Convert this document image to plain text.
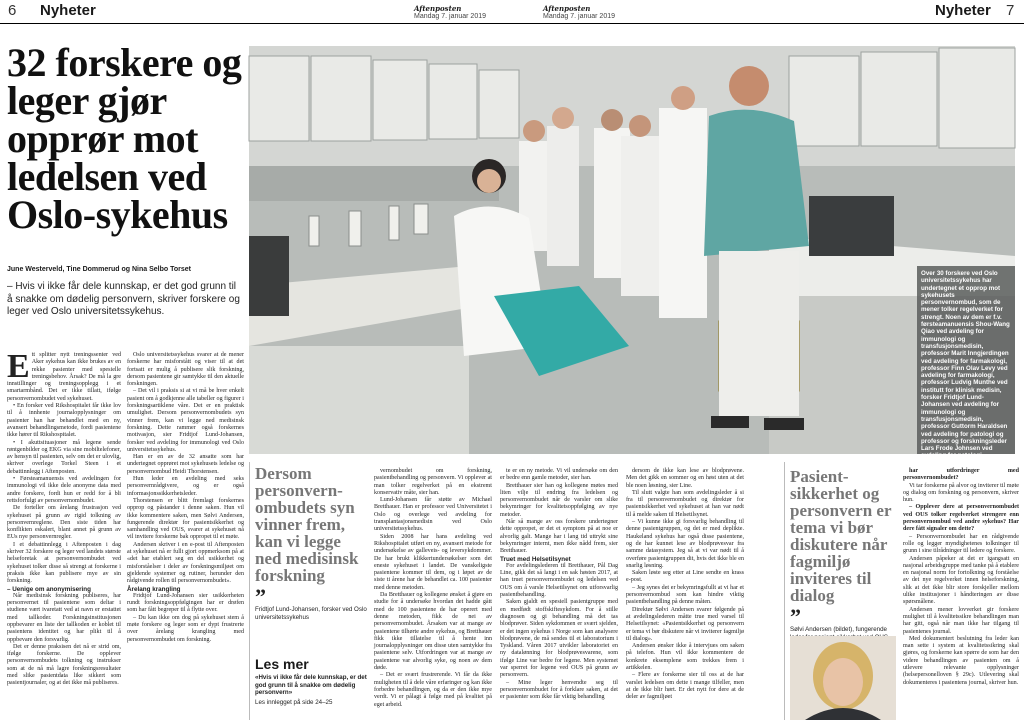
6 Nyheter	Aftenposten
Mandag 7. januar 2019
Aftenposten
Mandag 7. januar 2019	Nyheter 7
32 forskere og leger gjør opprør mot ledelsen ved Oslo-sykehus
June Westerveld, Tine Dommerud og Nina Selbo Torset
– Hvis vi ikke får dele kunnskap, er det god grunn til å snakke om dødelig personvern, skriver forskere og leger ved Oslo universitetssykehus.
Over 30 forskere ved Oslo universitetssykehus har undertegnet et opprop mot sykehusets personvernombud, som de mener tolker regelverket for strengt. Noen av dem er f.v. førsteamanuensis Shou-Wang Qiao ved avdeling for immunologi og transfusjonsmedisin, professor Marit Inngjerdingen ved avdeling for farmakologi, professor Finn Olav Levy ved avdeling for farmakologi, professor Ludvig Munthe ved institutt for klinisk medisin, forsker Fridtjof Lund-Johansen ved avdeling for immunologi og transfusjonsmedisin, professor Guttorm Haraldsen ved avdeling for patologi og professor og forskningsleder Lars Frode Johnsen ved avdeling for patologi.
FOTO: TOR STENERSEN

Ett splitter nytt treningssenter ved Aker sykehus kan ikke brukes av en rekke pasienter med spesielle treningsbehov. Årsak? De må la gre innstillinger og treningsopplegg i et smartarmbånd. Det er ikke tillatt, ifølge personvernombudet ved sykehuset.

• En forsker ved Rikshospitalet får ikke lov til å innhente journalopplysninger om pasienter han har behandlet med en ny, avansert behandlingsmetode, fordi pasientene ikke hører til Rikshospitalet.

• I akuttsituasjoner må legene sende røntgenbilder og EKG via sine mobiltelefoner, av hensyn til pasienten, selv om det er ulovlig, skriver overlege Torkel Steen i et debattinnlegg i Aftenposten.

• Førsteamanuensis ved avdelingen for immunologi vil ikke dele anonyme data med andre forskere, fordi hun er redd for å bli rettsforfulgt av personvernombudet.

De forteller om årelang frustrasjon ved sykehuset på grunn av rigid tolkning av personvernreglene. Den siste tiden har konflikten eskalert, blant annet på grunn av EUs nye personvernregler.

I et debattinnlegg i Aftenposten i dag skriver 32 forskere og leger ved landets største helseforetak at personvernombudet ved sykehuset tolker disse så strengt at forskerne i praksis ikke kan publisere mye av sin forskning.

– Uenige om anonymisering

Når medisinsk forskning publiseres, har personvernet til pasientene som deltar i studiene vært ivaretatt ved at navn er erstattet med tallkoder. Forskningsinstitusjonen oppbevarer en liste der tallkoden er koblet til pasientens identitet og har plikt til å oppbevare den forsvarlig.

Det er denne praksisen det nå er strid om, ifølge forskerne. De opplever personvernombudets tolkning og instrukser som at de nå må lagre forskningsresultater med slike pasientdata like sikkert som pasientjournaler, og at det ikke må publiseres.

Oslo universitetssykehus svarer at de mener forskerne har misforstått og viser til at det fortsatt er mulig å publisere slik forskning, dersom pasientene gir samtykke til den aktuelle forskningen.

– Det vil i praksis si at vi må be hver enkelt pasient om å godkjenne alle tabeller og figurer i forskningsartiklene våre. Det er en praktisk umulighet. Dersom personvernombudets syn vinner frem, kan vi legge ned medisinsk forskning. Dette rammer også forskernes motivasjon, sier Fridtjof Lund-Johansen, forsker ved avdeling for immunologi ved Oslo universitetssykehus.

Han er en av de 32 ansatte som har undertegnet opprøret mot sykehusets ledelse og personvernombud Heidi Thorstensen.

Hun leder en avdeling med seks personvernrådgivere, og er også informasjonssikkerhetsleder.

Thorstensen er blitt fremlagt forskernes opprop og påstander i denne saken. Hun vil ikke kommentere saken, men Sølvi Andersen, fungerende direktør for pasientsikkerhet og samhandling ved OUS, svarer at sykehuset nå vil invitere forskerne bak oppropet til et møte.

Andersen skriver i en e-post til Aftenposten at sykehuset nå er fullt gjort oppmerksom på at «det har etablert seg en del usikkerhet og misforståelser i deler av forskningsmiljøet om gjeldende systemer og rutiner, herunder den rådgivende rollen til personvernombudet».

Årelang krangling

Fridtjof Lund-Johansen sier usikkerheten rundt forskningsoppfølgingen har er drøfen som har fått begreper til å flytte over.

– Du kan ikke om dog på sykehuset stem å møte forskere og leger som er dypt frustrerte over årelang krangling med personvernombudet om forskning.

Dersom personvern-ombudets syn vinner frem, kan vi legge ned medisinsk forskning
”
Fridtjof Lund-Johansen, forsker ved Oslo universitetssykehus
Les mer
«Hvis vi ikke får dele kunnskap, er det god grunn til å snakke om dødelig personvern»
Les innlegget på side 24–25

vernombudet om forskning, pasientbehandling og personvern. Vi opplever at man tolker regelverket på en ekstremt konservativ måte, sier han.

Lund-Johansen får støtte av Michael Bretthauer. Han er professor ved Universitetet i Oslo og overlege ved avdeling for transplantasjonsmedisin ved Oslo universitetssykehus.

Siden 2008 har hans avdeling ved Rikshospitalet utført en ny, avansert metode for undersøkelse av galleveis- og leversykdommer. De har brukt klikkertundersøkelser som det eneste sykehuset i landet. De vanskeligste pasientene kommer til dem, og i løpet av de siste ti årene har de behandlet ca. 100 pasienter med denne metoden.

Da Bretthauer og kollegene ønsket å gjøre en studie for å undersøke hvordan det hadde gått med de 100 pasientene de har operert med denne metoden, fikk de nei av personvernombudet. Årsaken var at mange av pasientene tilhørte andre sykehus, og Bretthauer fikk ikke tillatelse til å hente inn journalopplysninger om disse uten samtykke fra pasientene selv. Utfordringen var at mange av pasientene var alvorlig syke, og noen av dem døde.

– Det er svært frustrerende. Vi får da ikke muligheten til å dele våre erfaringer og kan ikke forbedre behandlingen, og da er den ikke mye verdt. Vi er pålagt å følge med på kvalitet på eget arbeid.

te er en ny metode. Vi vil undersøke om den er bedre enn gamle metoder, sier han.

Bretthauer sier han og kollegene møtes med liten vilje til endring fra ledelsen og personvernombudet når de varsler om slike bekymringer for kvalitetsoppfølging av nye metoder.

Når så mange av oss forskere undertegner dette oppropet, er det et symptom på at noe er alvorlig galt. Mange har i lang tid uttrykt sine bekymringer internt, men ikke nådd frem, sier Bretthauer.

Truet med Helsetilsynet

For avdelingslederen til Bretthauer, Pål Dag Line, gikk det så langt i en sak høsten 2017, at han truet personvernombudet og ledelsen ved OUS om å varsle Helsetilsynet om utforsvarlig pasientbehandling.

Saken gjaldt en spesiell pasientgruppe med en medfødt stoffskiftesykdom. For å stille diagnosen og gi behandling må det tas blodprøver. Siden sykdommen er svært sjelden, er det ingen sykehus i Norge som kan analysere blodprøvene, de må sendes til et laboratorium i Tyskland. Våren 2017 utvikler laboratoriet en ny datalønning for blodprøvesvarene, som ifølge Line var bedre for legene. Men systemet var sperret for legene ved OUS på grunn av personvern.

– Mine leger henvendte seg til personvernombudet for å forklare saken, at det er pasienter som ikke får viktig behandling

dersom de ikke kan lese av blodprøvene. Men det gikk en sommer og en høst uten at det ble noen løsning, sier Line.

Til slutt valgte han som avdelingsleder å si fra til personvernombudet og direktør for pasientsikkerhet ved sykehuset at han var nødt til å melde saken til Helsetilsynet.

– Vi kunne ikke gi forsvarlig behandling til denne pasientgruppen, og det er med deplikte. Haukeland sykehus har også disse pasientene, og de har kunnet lese av blodprøvesvar fra samme datasystem. Jeg så at vi var nødt til å overføre pasientgruppen dit, hvis det ikke ble en snarlig løsning.

Saken løste seg etter at Line sendte en krass e-post.

– Jeg synes det er bekymringsfullt at vi har et personvernombud som kan hindre viktig pasientbehandling på denne måten.

Direktør Sølvi Andersen svarer følgende på at avdelingslederen måtte true med varsel til Helsetilsynet: «Pasientsikkerhet og personvern er tema vi bør diskutere når vi inviterer fagmiljø til dialog».

Andersen ønsker ikke å intervjues om saken på telefon. Hun vil ikke kommentere de konkrete eksemplene som trekkes frem i artikkelen.

– Flere av forskerne sier til oss at de har varslet ledelsen om dette i mange tilfeller, men at de ikke blir hørt. Er det nytt for dere at de deler av fagmiljøet

Pasient-sikkerhet og personvern er tema vi bør diskutere når fagmiljø inviteres til dialog
”
Sølvi Andersen (bildet), fungerende

har utfordringer med personvernombudet?

Vi tar forskerne på alvor og inviterer til møte og dialog om forskning og personvern, skriver hun.

– Opplever dere at personvernombudet ved OUS tolker regelverket strengere enn personvernombud ved andre sykehus? Har dere fått signaler om dette?

– Personvernombudet har en rådgivende rolle og legger myndighetenes tolkninger til grunn i sine tilrådninger til ledere og forskere.

Andersen påpeker at det er igangsatt en nasjonal arbeidsgruppe med tanke på å etablere en nasjonal norm for fortolkning og forståelse av det nye regelverket innen helseforskning, slik at det ikke blir store forskjeller mellom ulike institusjoner i håndteringen av disse spørsmålene.

Andersen mener lovverket gir forskere mulighet til å kvalitetssikre behandlingen man har gitt, også når man ikke har tilgang til pasientenes journal.

Med dokumentert beslutning fra leder kan man sette i system at kvalitetssikring skal gjøres, og forskerne kan spørre de som har den videre behandlingen av pasienten om å utlevere relevante opplysninger (helsepersonelloven § 29c). Utlevering skal dokumenteres i pasientens journal, skriver hun.
